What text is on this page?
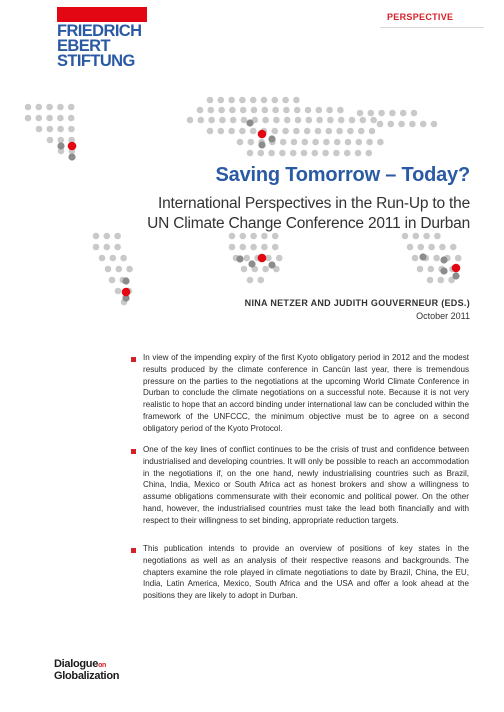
FRIEDRICH
EBERT
STIFTUNG
PERSPECTIVE
Saving Tomorrow – Today?
International Perspectives in the Run-Up to the
UN Climate Change Conference 2011 in Durban
NINA NETZER AND JUDITH GOUVERNEUR (EDS.)
October 2011
In view of the impending expiry of the first Kyoto obligatory period in 2012 and the modest results produced by the climate conference in Cancún last year, there is tremendous pressure on the parties to the negotiations at the upcoming World Climate Conference in Durban to conclude the climate negotiations on a successful note. Because it is not very realistic to hope that an accord binding under international law can be concluded within the framework of the UNFCCC, the minimum objective must be to agree on a second obligatory period of the Kyoto Protocol.
One of the key lines of conflict continues to be the crisis of trust and confidence between industrialised and developing countries. It will only be possible to reach an accommodation in the negotiations if, on the one hand, newly industrialising countries such as Brazil, China, India, Mexico or South Africa act as honest brokers and show a willingness to assume obligations commensurate with their economic and political power. On the other hand, however, the industrialised countries must take the lead both financially and with respect to their willingness to set binding, appropriate reduction targets.
This publication intends to provide an overview of positions of key states in the negotiations as well as an analysis of their respective reasons and backgrounds. The chapters examine the role played in climate negotiations to date by Brazil, China, the EU, India, Latin America, Mexico, South Africa and the USA and offer a look ahead at the positions they are likely to adopt in Durban.
Dialogueon
Globalization
